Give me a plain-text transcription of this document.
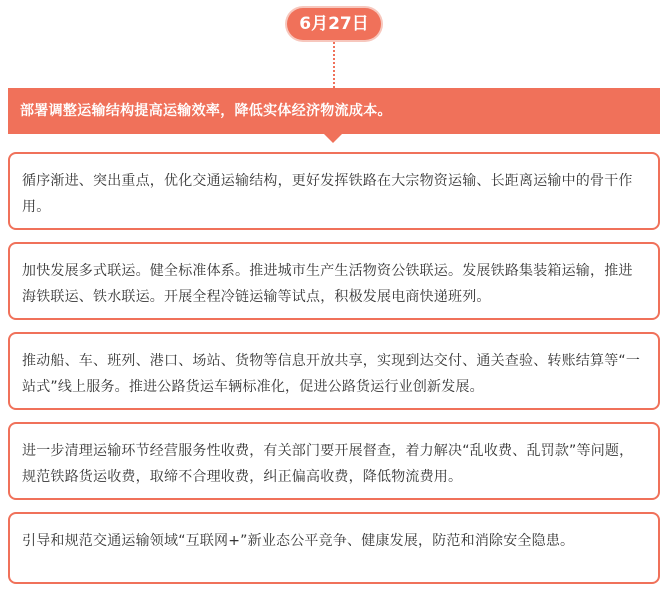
6月27日
部署调整运输结构提高运输效率，降低实体经济物流成本。
循序渐进、突出重点，优化交通运输结构，更好发挥铁路在大宗物资运输、长距离运输中的骨干作用。
加快发展多式联运。健全标准体系。推进城市生产生活物资公铁联运。发展铁路集装箱运输，推进海铁联运、铁水联运。开展全程冷链运输等试点，积极发展电商快递班列。
推动船、车、班列、港口、场站、货物等信息开放共享，实现到达交付、通关查验、转账结算等“一站式”线上服务。推进公路货运车辆标准化，促进公路货运行业创新发展。
进一步清理运输环节经营服务性收费，有关部门要开展督查，着力解决“乱收费、乱罚款”等问题，规范铁路货运收费，取缔不合理收费，纠正偏高收费，降低物流费用。
引导和规范交通运输领域“互联网+”新业态公平竞争、健康发展，防范和消除安全隐患。
